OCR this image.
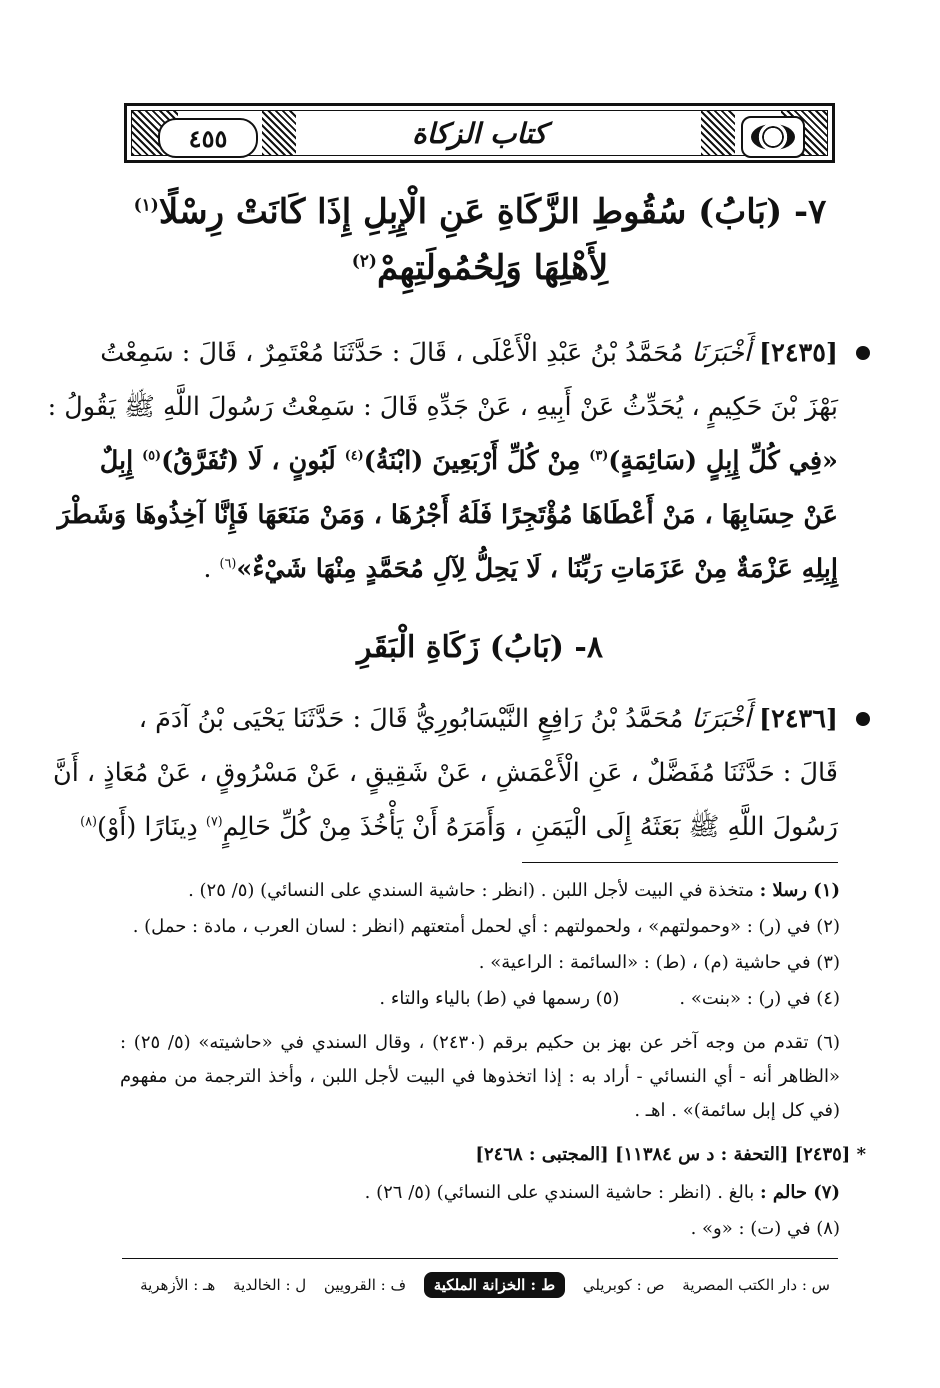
٤٥٥	كتاب الزكاة
٧- (بَابُ) سُقُوطِ الزَّكَاةِ عَنِ الْإِبِلِ إِذَا كَانَتْ رِسْلًا$^{(١)}$
لِأَهْلِهَا وَلِحُمُولَتِهِمْ$^{(٢)}$
[٢٤٣٥] أَخْبَرَنَا مُحَمَّدُ بْنُ عَبْدِ الْأَعْلَى ، قَالَ : حَدَّثَنَا مُعْتَمِرٌ ، قَالَ : سَمِعْتُ
بَهْزَ بْنَ حَكِيمٍ ، يُحَدِّثُ عَنْ أَبِيهِ ، عَنْ جَدِّهِ قَالَ : سَمِعْتُ رَسُولَ اللَّهِ ﷺ يَقُولُ :
«فِي كُلِّ إِبِلٍ (سَائِمَةٍ)$^{(٣)}$ مِنْ كُلِّ أَرْبَعِينَ (ابْنَةُ)$^{(٤)}$ لَبُونٍ ، لَا (تُفَرَّقُ)$^{(٥)}$ إِبِلٌ
عَنْ حِسَابِهَا ، مَنْ أَعْطَاهَا مُؤْتَجِرًا فَلَهُ أَجْرُهَا ، وَمَنْ مَنَعَهَا فَإِنَّا آخِذُوهَا وَشَطْرَ
إِبِلِهِ عَزْمَةٌ مِنْ عَزَمَاتِ رَبِّنَا ، لَا يَحِلُّ لِآلِ مُحَمَّدٍ مِنْهَا شَيْءٌ»$^{(٦)}$ .
٨- (بَابُ) زَكَاةِ الْبَقَرِ
[٢٤٣٦] أَخْبَرَنَا مُحَمَّدُ بْنُ رَافِعٍ النَّيْسَابُورِيُّ قَالَ : حَدَّثَنَا يَحْيَى بْنُ آدَمَ ،
قَالَ : حَدَّثَنَا مُفَضَّلٌ ، عَنِ الْأَعْمَشِ ، عَنْ شَقِيقٍ ، عَنْ مَسْرُوقٍ ، عَنْ مُعَاذٍ ، أَنَّ
رَسُولَ اللَّهِ ﷺ بَعَثَهُ إِلَى الْيَمَنِ ، وَأَمَرَهُ أَنْ يَأْخُذَ مِنْ كُلِّ حَالِمٍ$^{(٧)}$ دِينَارًا (أَوْ)$^{(٨)}$
(١) رسلا : متخذة في البيت لأجل اللبن . (انظر : حاشية السندي على النسائي) (٥/ ٢٥) .
(٢) في (ر) : «وحمولتهم» ، ولحمولتهم : أي لحمل أمتعتهم (انظر : لسان العرب ، مادة : حمل) .
(٣) في حاشية (م) ، (ط) : «السائمة : الراعية» .
(٤) في (ر) : «بنت» .
(٥) رسمها في (ط) بالياء والتاء .
(٦) تقدم من وجه آخر عن بهز بن حكيم برقم (٢٤٣٠) ، وقال السندي في «حاشيته» (٥/ ٢٥) : «الظاهر أنه - أي النسائي - أراد به : إذا اتخذوها في البيت لأجل اللبن ، وأخذ الترجمة من مفهوم (في كل إبل سائمة)» . اهـ .
* [٢٤٣٥] [التحفة : د س ١١٣٨٤] [المجتبى : ٢٤٦٨]
(٧) حالم : بالغ . (انظر : حاشية السندي على النسائي) (٥/ ٢٦) .
(٨) في (ت) : «و» .
س : دار الكتب المصرية
ص : كوبريلي
ط : الخزانة الملكية
ف : القرويين
ل : الخالدية
هـ : الأزهرية
